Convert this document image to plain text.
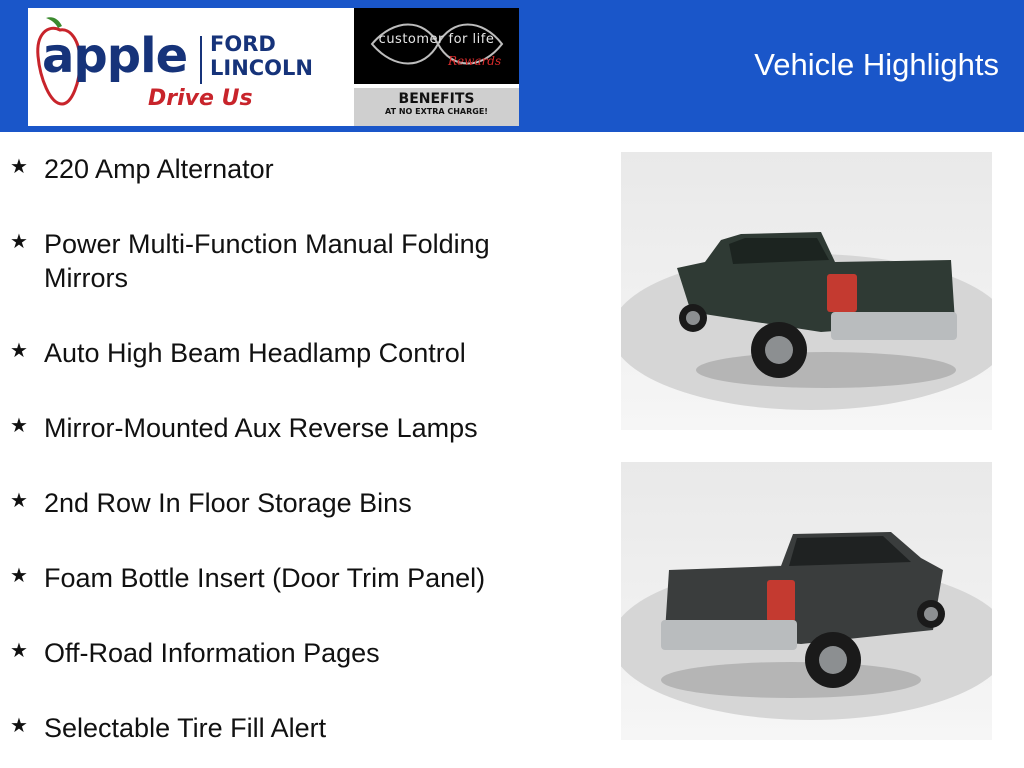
apple FORD
LINCOLN
Drive Us
customer for life
Rewards
BENEFITS
AT NO EXTRA CHARGE!
Vehicle Highlights
★ 220 Amp Alternator
★ Power Multi-Function Manual Folding Mirrors
★ Auto High Beam Headlamp Control
★ Mirror-Mounted Aux Reverse Lamps
★ 2nd Row In Floor Storage Bins
★ Foam Bottle Insert (Door Trim Panel)
★ Off-Road Information Pages
★ Selectable Tire Fill Alert
